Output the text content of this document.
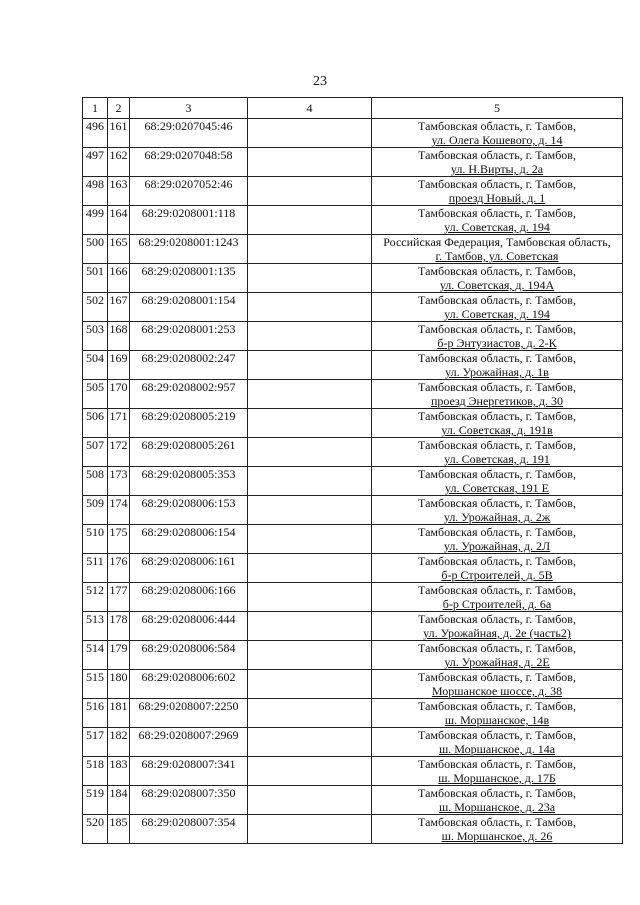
23
1	2	3	4	5
496	161	68:29:0207045:46		Тамбовская область, г. Тамбов,
ул. Олега Кошевого, д. 14

497	162	68:29:0207048:58		Тамбовская область, г. Тамбов,
ул. Н.Вирты, д. 2а

498	163	68:29:0207052:46		Тамбовская область, г. Тамбов,
проезд Новый, д. 1

499	164	68:29:0208001:118		Тамбовская область, г. Тамбов,
ул. Советская, д. 194

500	165	68:29:0208001:1243		Российская Федерация, Тамбовская область,
г. Тамбов, ул. Советская

501	166	68:29:0208001:135		Тамбовская область, г. Тамбов,
ул. Советская, д. 194А

502	167	68:29:0208001:154		Тамбовская область, г. Тамбов,
ул. Советская, д. 194

503	168	68:29:0208001:253		Тамбовская область, г. Тамбов,
б-р Энтузиастов, д. 2-К

504	169	68:29:0208002:247		Тамбовская область, г. Тамбов,
ул. Урожайная, д. 1в

505	170	68:29:0208002:957		Тамбовская область, г. Тамбов,
проезд Энергетиков, д. 30

506	171	68:29:0208005:219		Тамбовская область, г. Тамбов,
ул. Советская, д. 191в

507	172	68:29:0208005:261		Тамбовская область, г. Тамбов,
ул. Советская, д. 191

508	173	68:29:0208005:353		Тамбовская область, г. Тамбов,
ул. Советская, 191 Е

509	174	68:29:0208006:153		Тамбовская область, г. Тамбов,
ул. Урожайная, д. 2ж

510	175	68:29:0208006:154		Тамбовская область, г. Тамбов,
ул. Урожайная, д. 2Л

511	176	68:29:0208006:161		Тамбовская область, г. Тамбов,
б-р Строителей, д. 5В

512	177	68:29:0208006:166		Тамбовская область, г. Тамбов,
б-р Строителей, д. 6а

513	178	68:29:0208006:444		Тамбовская область, г. Тамбов,
ул. Урожайная, д. 2е (часть2)

514	179	68:29:0208006:584		Тамбовская область, г. Тамбов,
ул. Урожайная, д. 2Е

515	180	68:29:0208006:602		Тамбовская область, г. Тамбов,
Моршанское шоссе, д. 38

516	181	68:29:0208007:2250		Тамбовская область, г. Тамбов,
ш. Моршанское, 14в

517	182	68:29:0208007:2969		Тамбовская область, г. Тамбов,
ш. Моршанское, д. 14а

518	183	68:29:0208007:341		Тамбовская область, г. Тамбов,
ш. Моршанское, д. 17Б

519	184	68:29:0208007:350		Тамбовская область, г. Тамбов,
ш. Моршанское, д. 23а

520	185	68:29:0208007:354		Тамбовская область, г. Тамбов,
ш. Моршанское, д. 26
